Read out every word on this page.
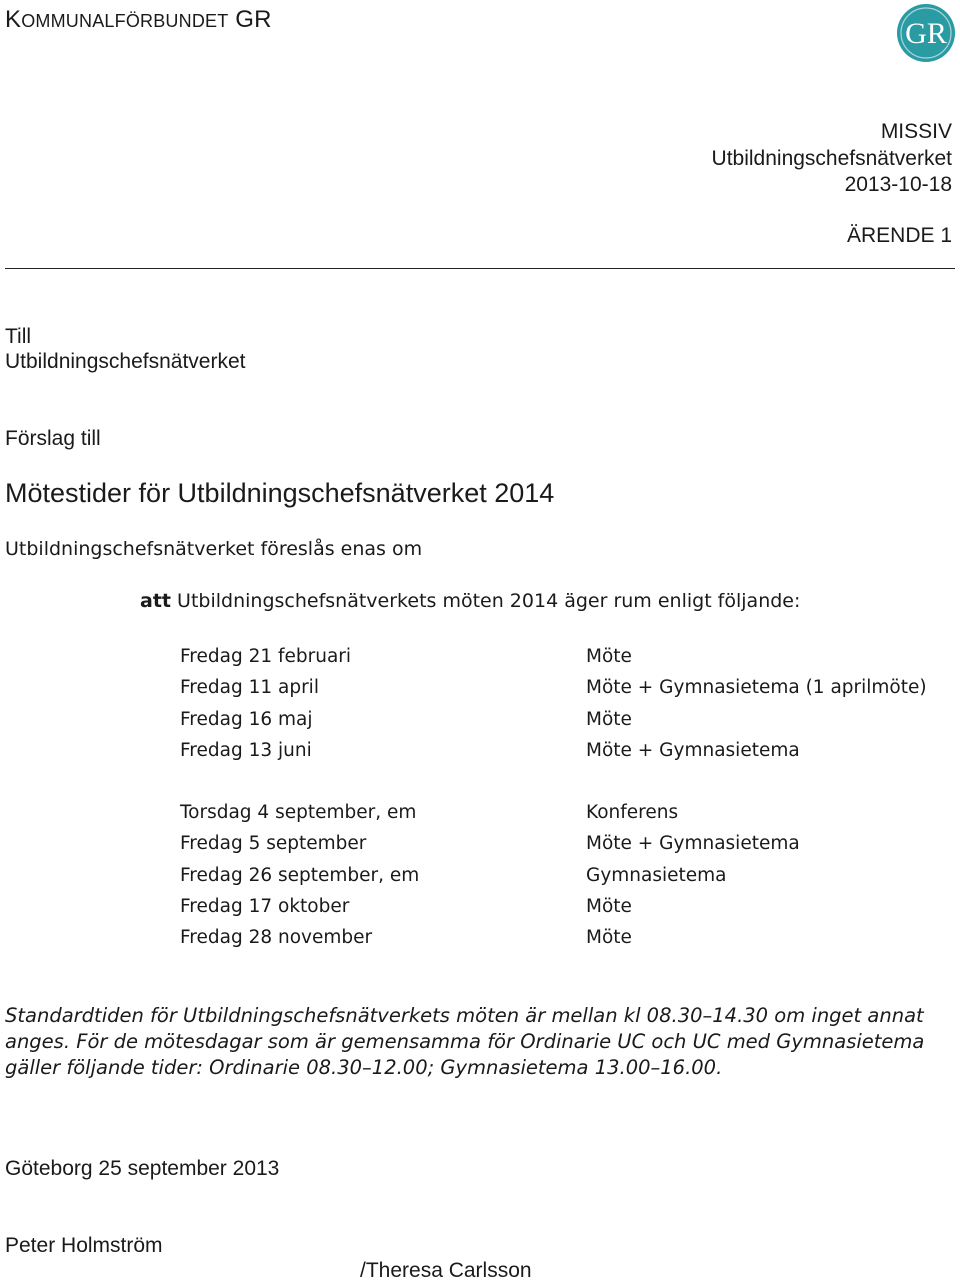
KOMMUNALFÖRBUNDET GR	GR
MISSIV
Utbildningschefsnätverket
2013-10-18
ÄRENDE 1
Till
Utbildningschefsnätverket
Förslag till
Mötestider för Utbildningschefsnätverket 2014
Utbildningschefsnätverket föreslås enas om
att Utbildningschefsnätverkets möten 2014 äger rum enligt följande:
Fredag 21 februari
Fredag 11 april
Fredag 16 maj
Fredag 13 juni
Möte
Möte + Gymnasietema (1 aprilmöte)
Möte
Möte + Gymnasietema
Torsdag 4 september, em
Fredag 5 september
Fredag 26 september, em
Fredag 17 oktober
Fredag 28 november
Konferens
Möte + Gymnasietema
Gymnasietema
Möte
Möte
Standardtiden för Utbildningschefsnätverkets möten är mellan kl 08.30–14.30 om inget annat anges. För de mötesdagar som är gemensamma för Ordinarie UC och UC med Gymnasietema gäller följande tider: Ordinarie 08.30–12.00; Gymnasietema 13.00–16.00.
Göteborg 25 september 2013
Peter Holmström
/Theresa Carlsson
